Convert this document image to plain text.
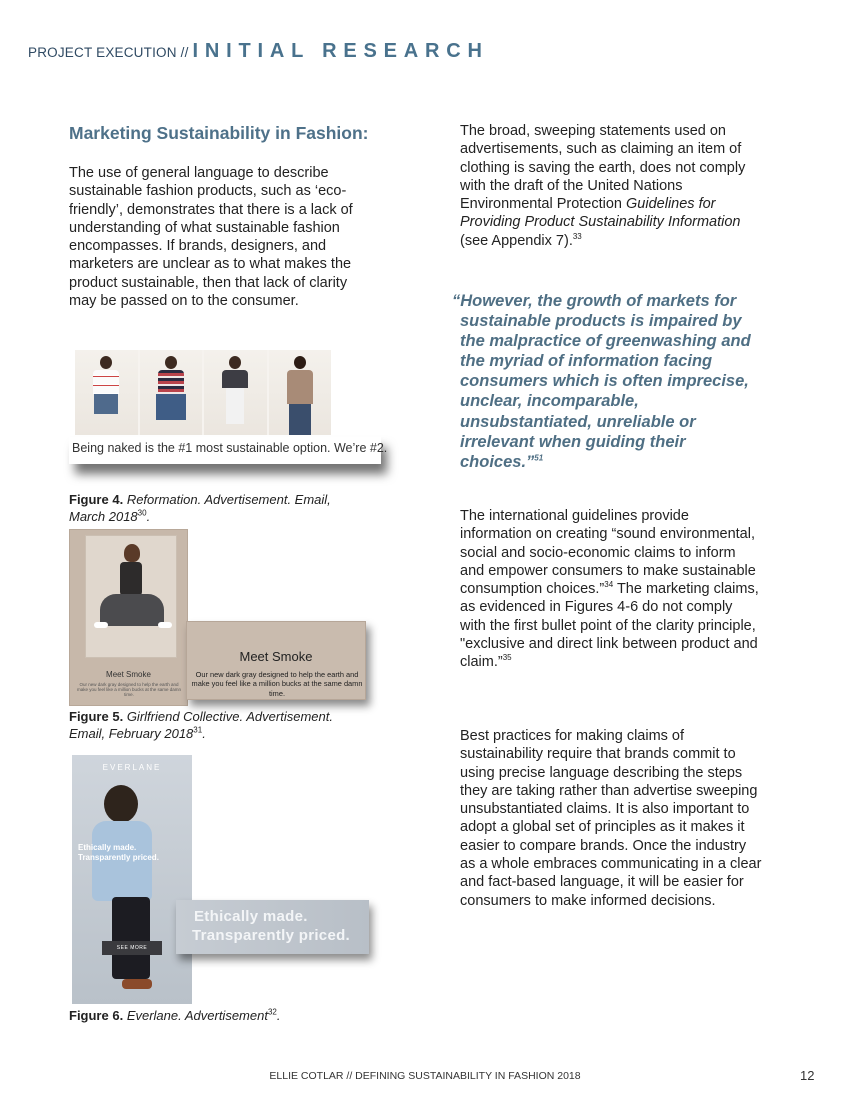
PROJECT EXECUTION // INITIAL RESEARCH
Marketing Sustainability in Fashion:
The use of general language to describe sustainable fashion products, such as ‘eco-friendly’, demonstrates that there is a lack of understanding of what sustainable fashion encompasses. If brands, designers, and marketers are unclear as to what makes the product sustainable, then that lack of clarity may be passed on to the consumer.
Being naked is the #1 most sustainable option. We’re #2.
Figure 4. Reformation. Advertisement. Email, March 2018$^{30}$.
Meet Smoke
Our new dark gray designed to help the earth and make you feel like a million bucks at the same damn time.
Meet Smoke
Our new dark gray designed to help the earth and make you feel like a million bucks at the same damn time.
Figure 5. Girlfriend Collective. Advertisement. Email, February 2018$^{31}$.
EVERLANE
Ethically made.
Transparently priced.
SEE MORE
Ethically made.
Transparently priced.
Figure 6. Everlane. Advertisement$^{32}$.

The broad, sweeping statements used on advertisements, such as claiming an item of clothing is saving the earth, does not comply with the draft of the United Nations Environmental Protection Guidelines for Providing Product Sustainability Information (see Appendix 7).$^{33}$

“However, the growth of markets for sustainable products is impaired by the malpractice of greenwashing and the myriad of information facing consumers which is often imprecise, unclear, incomparable, unsubstantiated, unreliable or irrelevant when guiding their choices.”$^{51}$
The international guidelines provide information on creating “sound environmental, social and socio-economic claims to inform and empower consumers to make sustainable consumption choices.”$^{34}$ The marketing claims, as evidenced in Figures 4-6 do not comply with the first bullet point of the clarity principle, "exclusive and direct link between product and claim.”$^{35}$
Best practices for making claims of sustainability require that brands commit to using precise language describing the steps they are taking rather than advertise sweeping unsubstantiated claims. It is also important to adopt a global set of principles as it makes it easier to compare brands. Once the industry as a whole embraces communicating in a clear and fact-based language, it will be easier for consumers to make informed decisions.
ELLIE COTLAR // DEFINING SUSTAINABILITY IN FASHION 2018	12
